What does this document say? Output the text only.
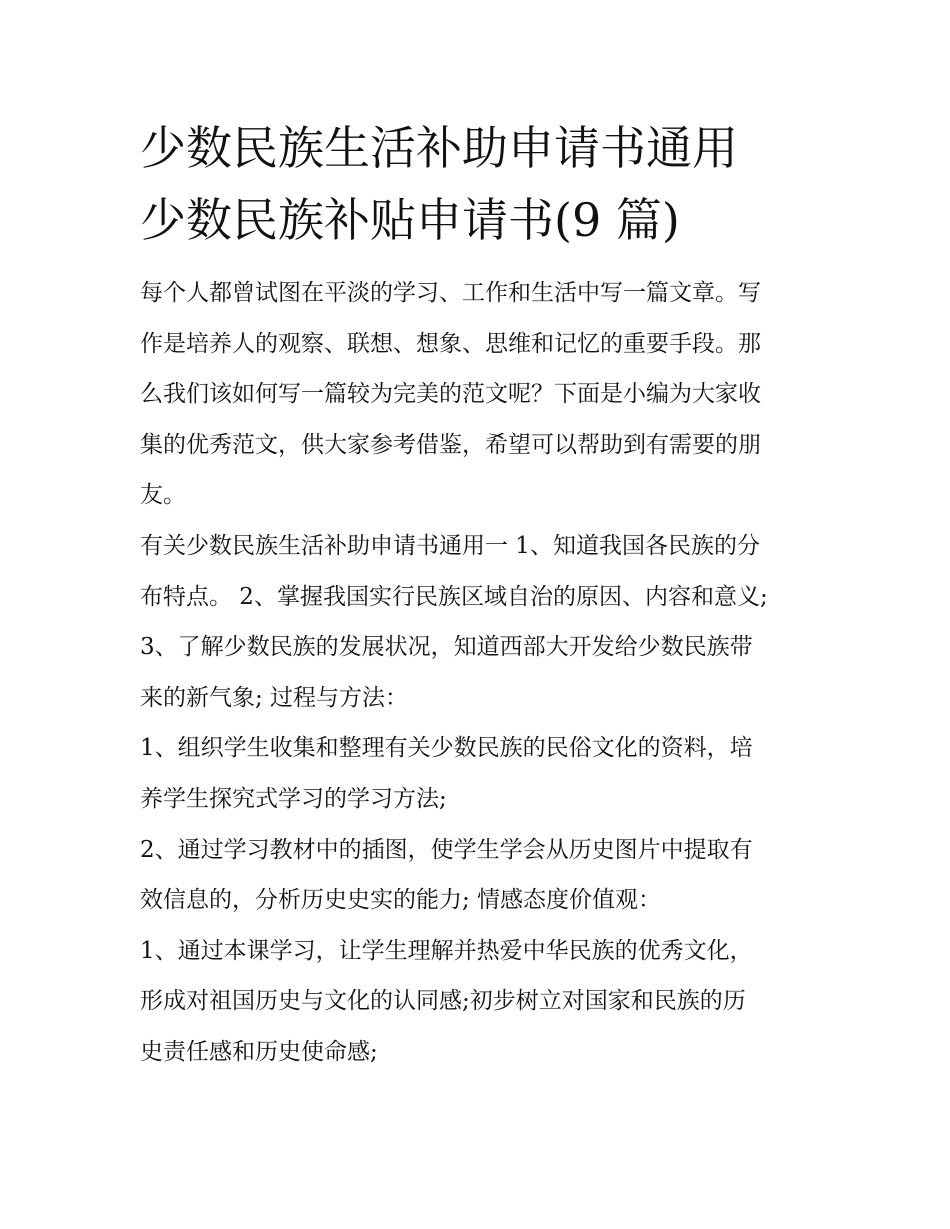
少数民族生活补助申请书通用
少数民族补贴申请书(9 篇)

每个人都曾试图在平淡的学习、工作和生活中写一篇文章。写
作是培养人的观察、联想、想象、思维和记忆的重要手段。那
么我们该如何写一篇较为完美的范文呢？下面是小编为大家收
集的优秀范文，供大家参考借鉴，希望可以帮助到有需要的朋
友。

有关少数民族生活补助申请书通用一 1、知道我国各民族的分
布特点。 2、掌握我国实行民族区域自治的原因、内容和意义;
3、了解少数民族的发展状况，知道西部大开发给少数民族带
来的新气象; 过程与方法：

1、组织学生收集和整理有关少数民族的民俗文化的资料，培
养学生探究式学习的学习方法;

2、通过学习教材中的插图，使学生学会从历史图片中提取有
效信息的，分析历史史实的能力; 情感态度价值观：

1、通过本课学习，让学生理解并热爱中华民族的优秀文化，
形成对祖国历史与文化的认同感;初步树立对国家和民族的历
史责任感和历史使命感;
